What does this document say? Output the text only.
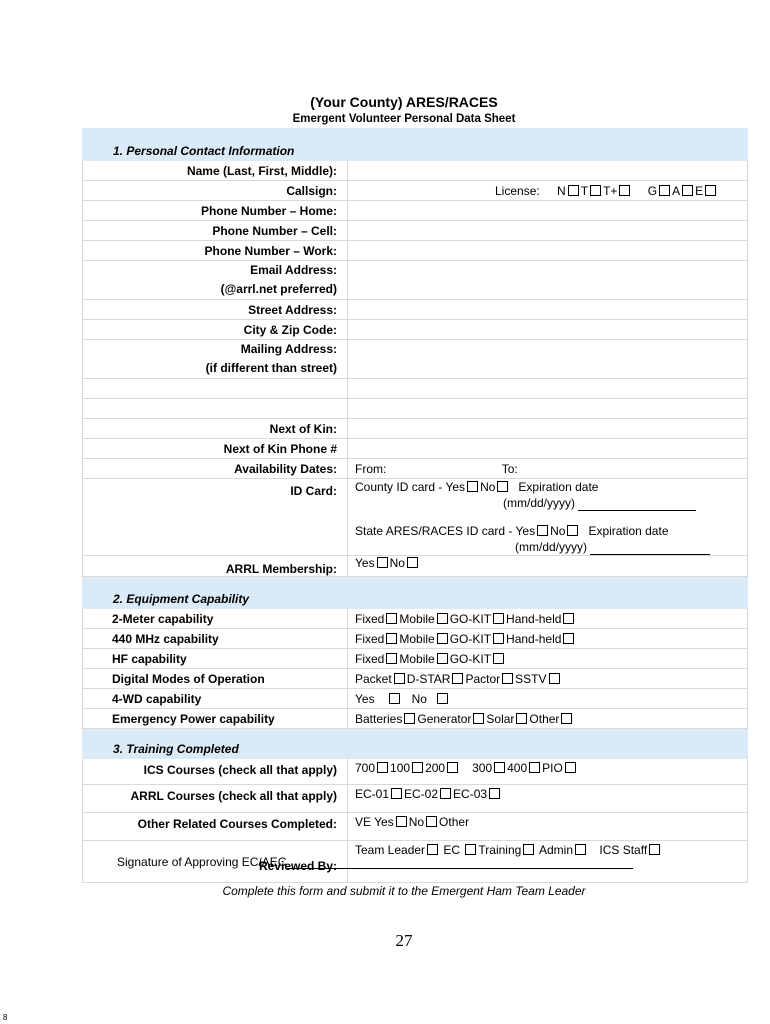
(Your County) ARES/RACES
Emergent Volunteer Personal Data Sheet
1. Personal Contact Information	
Name (Last, First, Middle):	
Callsign:	License: N T T+ G A E
Phone Number – Home:	
Phone Number – Cell:	
Phone Number – Work:	
Email Address:
(@arrl.net preferred)	
Street Address:	
City & Zip Code:	
Mailing Address:
(if different than street)	

Next of Kin:	
Next of Kin Phone #	
Availability Dates:	From: To:
ID Card:	County ID card - Yes No Expiration date
(mm/dd/yyyy)
State ARES/RACES ID card - Yes No Expiration date
(mm/dd/yyyy)

ARRL Membership:	Yes No
2. Equipment Capability	
2-Meter capability	Fixed Mobile GO-KIT Hand-held
440 MHz capability	Fixed Mobile GO-KIT Hand-held
HF capability	Fixed Mobile GO-KIT
Digital Modes of Operation	Packet D-STAR Pactor SSTV
4-WD capability	Yes No
Emergency Power capability	Batteries Generator Solar Other
3. Training Completed	
ICS Courses (check all that apply)	700 100 200 300 400 PIO
ARRL Courses (check all that apply)	EC-01 EC-02 EC-03
Other Related Courses Completed:	VE Yes No Other
Reviewed By:	Team Leader EC Training Admin ICS Staff
Signature of Approving EC/AEC
Complete this form and submit it to the Emergent Ham Team Leader
27
8
